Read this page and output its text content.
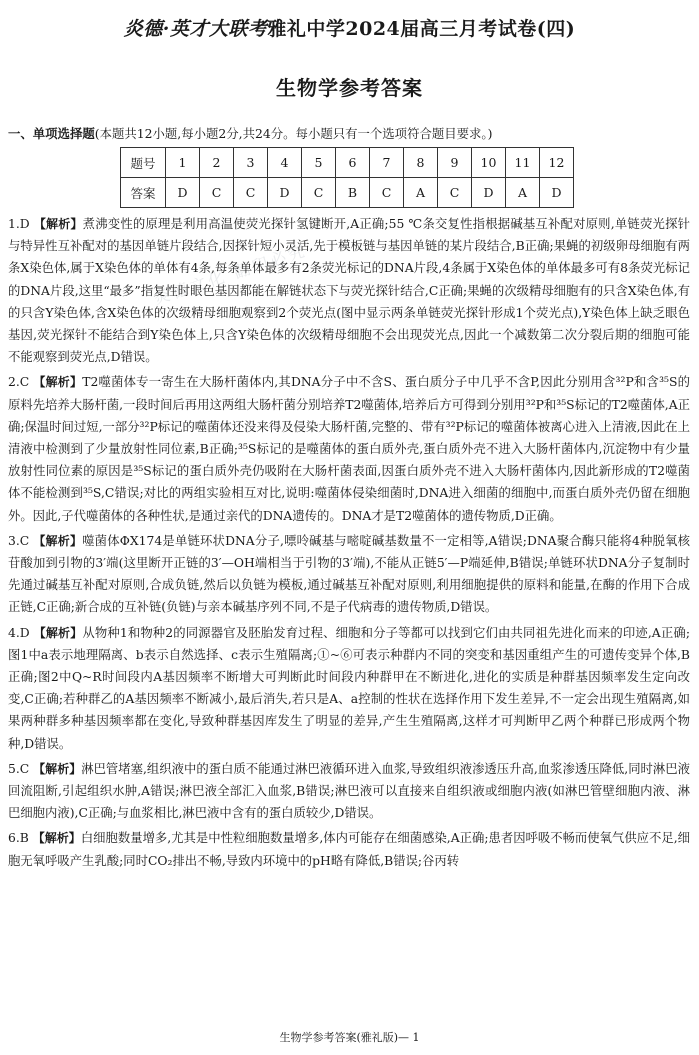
炎德文化 翻印必究
炎德·英才大联考雅礼中学2024届高三月考试卷(四)
生物学参考答案
一、单项选择题(本题共12小题,每小题2分,共24分。每小题只有一个选项符合题目要求。)
题号	1	2	3	4	5	6	7	8	9	10	11	12
答案	D	C	C	D	C	B	C	A	C	D	A	D

1.D 【解析】煮沸变性的原理是利用高温使荧光探针氢键断开,A正确;55 ℃条交复性指根据碱基互补配对原则,单链荧光探针与特异性互补配对的基因单链片段结合,因探针短小灵活,先于模板链与基因单链的某片段结合,B正确;果蝇的初级卵母细胞有两条X染色体,属于X染色体的单体有4条,每条单体最多有2条荧光标记的DNA片段,4条属于X染色体的单体最多可有8条荧光标记的DNA片段,这里“最多”指复性时眼色基因都能在解链状态下与荧光探针结合,C正确;果蝇的次级精母细胞有的只含X染色体,有的只含Y染色体,含X染色体的次级精母细胞观察到2个荧光点(图中显示两条单链荧光探针形成1个荧光点),Y染色体上缺乏眼色基因,荧光探针不能结合到Y染色体上,只含Y染色体的次级精母细胞不会出现荧光点,因此一个减数第二次分裂后期的细胞可能不能观察到荧光点,D错误。

2.C 【解析】T2噬菌体专一寄生在大肠杆菌体内,其DNA分子中不含S、蛋白质分子中几乎不含P,因此分别用含³²P和含³⁵S的原料先培养大肠杆菌,一段时间后再用这两组大肠杆菌分别培养T2噬菌体,培养后方可得到分别用³²P和³⁵S标记的T2噬菌体,A正确;保温时间过短,一部分³²P标记的噬菌体还没来得及侵染大肠杆菌,完整的、带有³²P标记的噬菌体被离心进入上清液,因此在上清液中检测到了少量放射性同位素,B正确;³⁵S标记的是噬菌体的蛋白质外壳,蛋白质外壳不进入大肠杆菌体内,沉淀物中有少量放射性同位素的原因是³⁵S标记的蛋白质外壳仍吸附在大肠杆菌表面,因蛋白质外壳不进入大肠杆菌体内,因此新形成的T2噬菌体不能检测到³⁵S,C错误;对比的两组实验相互对比,说明:噬菌体侵染细菌时,DNA进入细菌的细胞中,而蛋白质外壳仍留在细胞外。因此,子代噬菌体的各种性状,是通过亲代的DNA遗传的。DNA才是T2噬菌体的遗传物质,D正确。

3.C 【解析】噬菌体ΦX174是单链环状DNA分子,嘌呤碱基与嘧啶碱基数量不一定相等,A错误;DNA聚合酶只能将4种脱氧核苷酸加到引物的3′端(这里断开正链的3′—OH端相当于引物的3′端),不能从正链5′—P端延伸,B错误;单链环状DNA分子复制时先通过碱基互补配对原则,合成负链,然后以负链为模板,通过碱基互补配对原则,利用细胞提供的原料和能量,在酶的作用下合成正链,C正确;新合成的互补链(负链)与亲本碱基序列不同,不是子代病毒的遗传物质,D错误。

4.D 【解析】从物种1和物种2的同源器官及胚胎发育过程、细胞和分子等都可以找到它们由共同祖先进化而来的印迹,A正确;图1中a表示地理隔离、b表示自然选择、c表示生殖隔离;①~⑥可表示种群内不同的突变和基因重组产生的可遗传变异个体,B正确;图2中Q~R时间段内A基因频率不断增大可判断此时间段内种群甲在不断进化,进化的实质是种群基因频率发生定向改变,C正确;若种群乙的A基因频率不断减小,最后消失,若只是A、a控制的性状在选择作用下发生差异,不一定会出现生殖隔离,如果两种群多种基因频率都在变化,导致种群基因库发生了明显的差异,产生生殖隔离,这样才可判断甲乙两个种群已形成两个物种,D错误。

5.C 【解析】淋巴管堵塞,组织液中的蛋白质不能通过淋巴液循环进入血浆,导致组织液渗透压升高,血浆渗透压降低,同时淋巴液回流阻断,引起组织水肿,A错误;淋巴液全部汇入血浆,B错误;淋巴液可以直接来自组织液或细胞内液(如淋巴管壁细胞内液、淋巴细胞内液),C正确;与血浆相比,淋巴液中含有的蛋白质较少,D错误。

6.B 【解析】白细胞数量增多,尤其是中性粒细胞数量增多,体内可能存在细菌感染,A正确;患者因呼吸不畅而使氧气供应不足,细胞无氧呼吸产生乳酸;同时CO₂排出不畅,导致内环境中的pH略有降低,B错误;谷丙转

生物学参考答案(雅礼版)— 1
